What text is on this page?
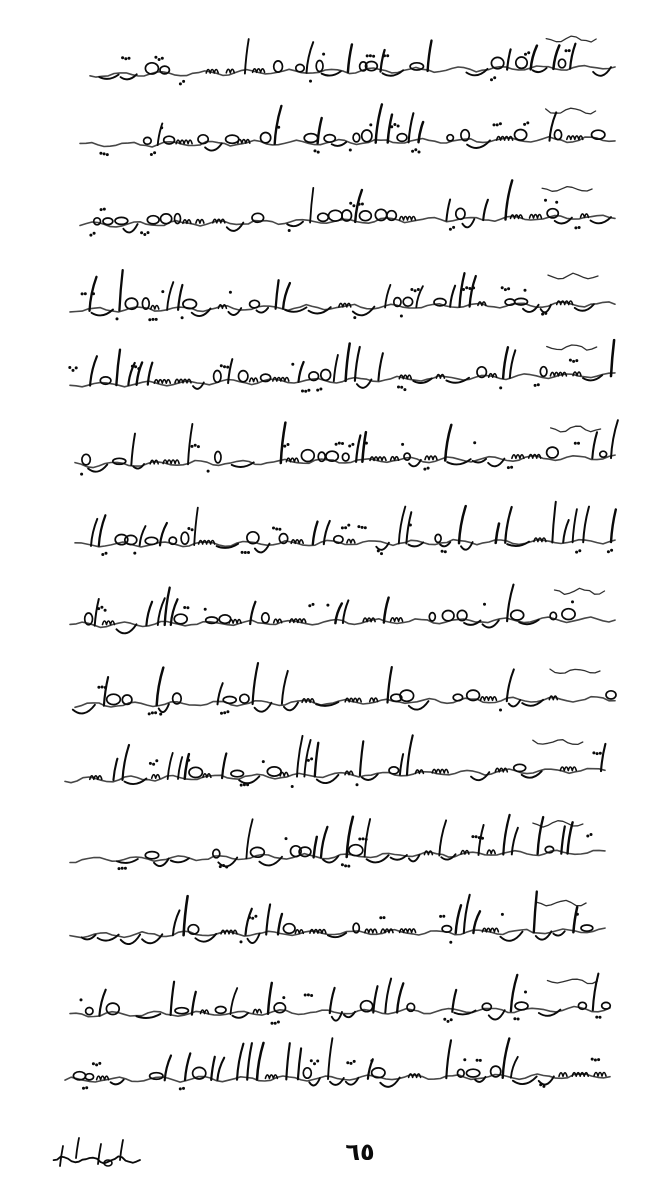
٦٥
